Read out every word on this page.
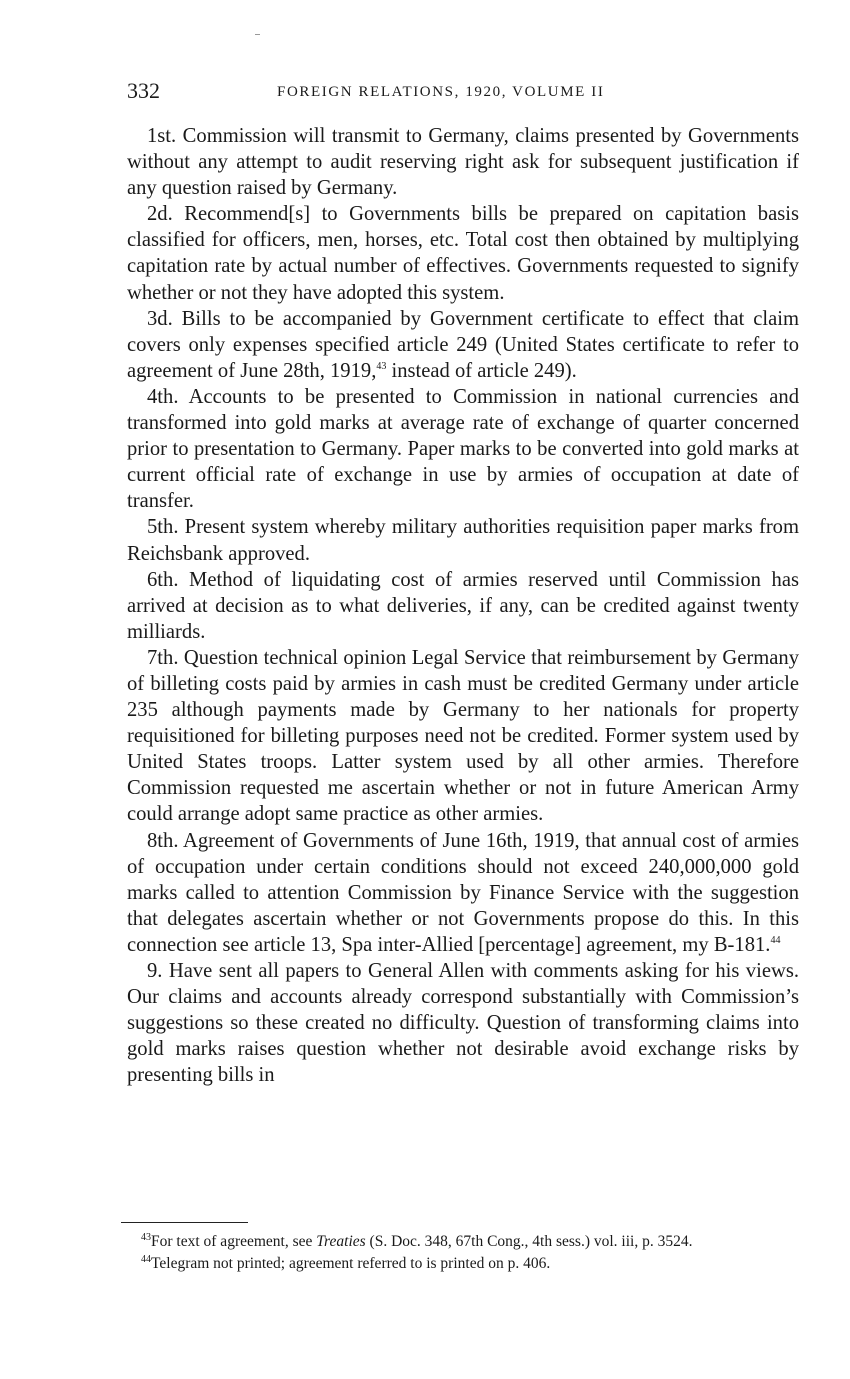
332	FOREIGN RELATIONS, 1920, VOLUME II

1st. Commission will transmit to Germany, claims presented by Governments without any attempt to audit reserving right ask for subsequent justification if any question raised by Germany.

2d. Recommend[s] to Governments bills be prepared on capitation basis classified for officers, men, horses, etc. Total cost then obtained by multiplying capitation rate by actual number of effectives. Governments requested to signify whether or not they have adopted this system.

3d. Bills to be accompanied by Government certificate to effect that claim covers only expenses specified article 249 (United States certificate to refer to agreement of June 28th, 1919,43 instead of article 249).

4th. Accounts to be presented to Commission in national currencies and transformed into gold marks at average rate of exchange of quarter concerned prior to presentation to Germany. Paper marks to be converted into gold marks at current official rate of exchange in use by armies of occupation at date of transfer.

5th. Present system whereby military authorities requisition paper marks from Reichsbank approved.

6th. Method of liquidating cost of armies reserved until Commission has arrived at decision as to what deliveries, if any, can be credited against twenty milliards.

7th. Question technical opinion Legal Service that reimbursement by Germany of billeting costs paid by armies in cash must be credited Germany under article 235 although payments made by Germany to her nationals for property requisitioned for billeting purposes need not be credited. Former system used by United States troops. Latter system used by all other armies. Therefore Commission requested me ascertain whether or not in future American Army could arrange adopt same practice as other armies.

8th. Agreement of Governments of June 16th, 1919, that annual cost of armies of occupation under certain conditions should not exceed 240,000,000 gold marks called to attention Commission by Finance Service with the suggestion that delegates ascertain whether or not Governments propose do this. In this connection see article 13, Spa inter-Allied [percentage] agreement, my B-181.44

9. Have sent all papers to General Allen with comments asking for his views. Our claims and accounts already correspond substantially with Commission’s suggestions so these created no difficulty. Question of transforming claims into gold marks raises question whether not desirable avoid exchange risks by presenting bills in

$^{43}$For text of agreement, see Treaties (S. Doc. 348, 67th Cong., 4th sess.) vol. iii, p. 3524.

$^{44}$Telegram not printed; agreement referred to is printed on p. 406.
